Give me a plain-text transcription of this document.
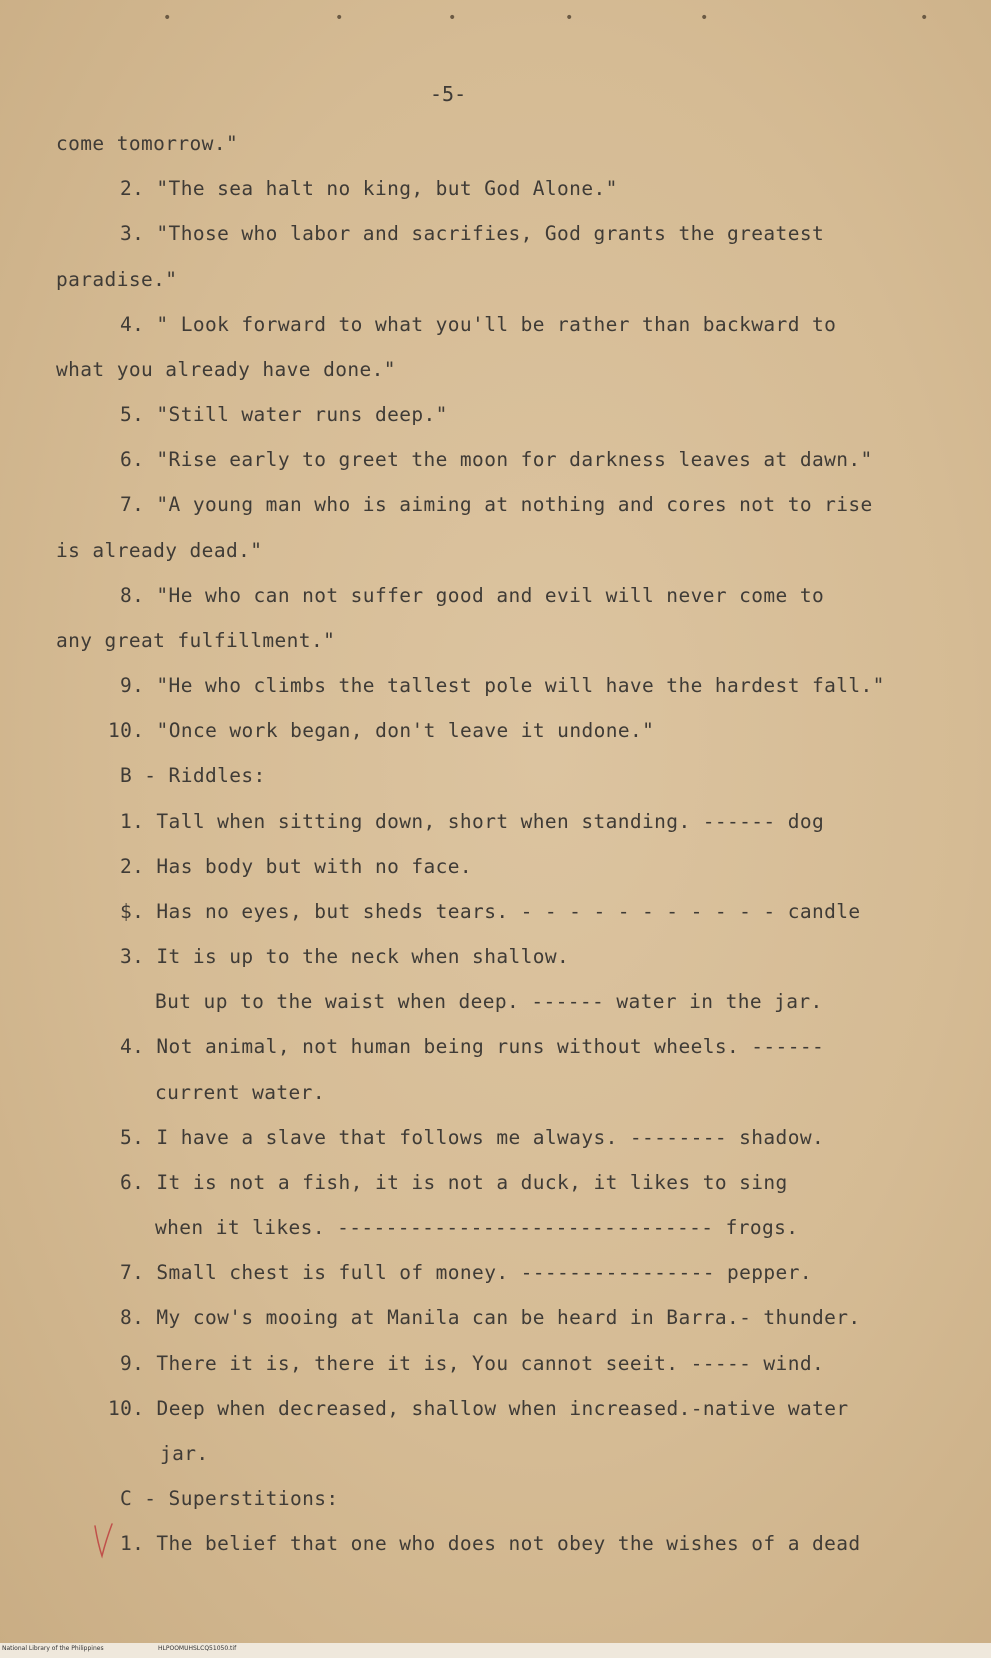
•	•	•	•	•	•
-5-
come tomorrow."
2. "The sea halt no king, but God Alone."
3. "Those who labor and sacrifies, God grants the greatest
paradise."
4. " Look forward to what you'll be rather than backward to
what you already have done."
5. "Still water runs deep."
6. "Rise early to greet the moon for darkness leaves at dawn."
7. "A young man who is aiming at nothing and cores not to rise
is already dead."
8. "He who can not suffer good and evil will never come to
any great fulfillment."
9. "He who climbs the tallest pole will have the hardest fall."
10. "Once work began, don't leave it undone."
B - Riddles:
1. Tall when sitting down, short when standing. ------ dog
2. Has body but with no face.
$. Has no eyes, but sheds tears. - - - - - - - - - - - candle
3. It is up to the neck when shallow.
But up to the waist when deep. ------ water in the jar.
4. Not animal, not human being runs without wheels. ------
current water.
5. I have a slave that follows me always. -------- shadow.
6. It is not a fish, it is not a duck, it likes to sing
when it likes. ------------------------------- frogs.
7. Small chest is full of money. ---------------- pepper.
8. My cow's mooing at Manila can be heard in Barra.- thunder.
9. There it is, there it is, You cannot seeit. ----- wind.
10. Deep when decreased, shallow when increased.-native water
jar.
C - Superstitions:
1. The belief that one who does not obey the wishes of a dead
National Library of the Philippines	HLPOOMUHSLCQ51050.tif
